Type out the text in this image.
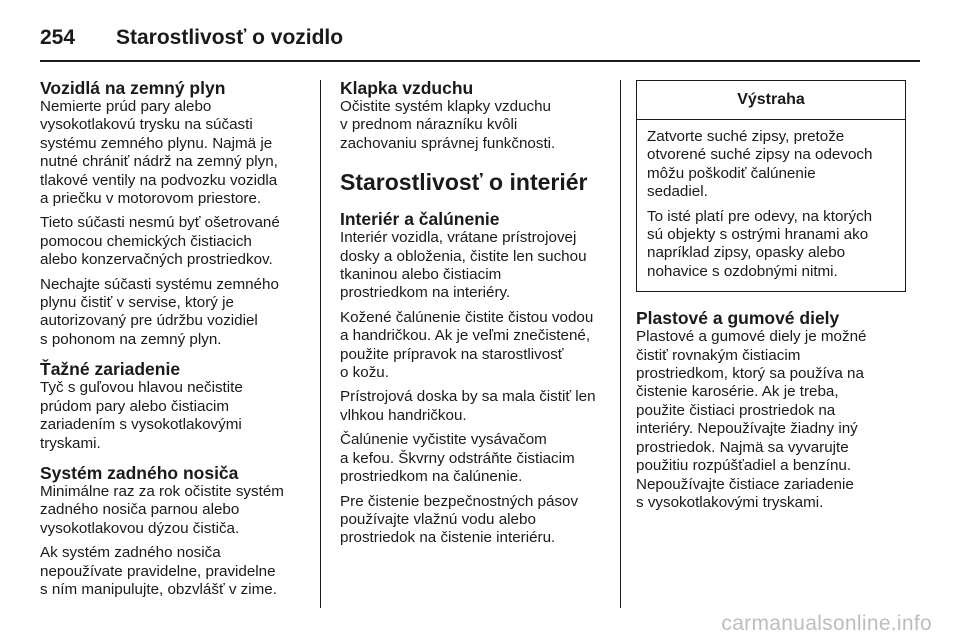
254	Starostlivosť o vozidlo
Vozidlá na zemný plyn

Nemierte prúd pary alebo
vysokotlakovú trysku na súčasti
systému zemného plynu. Najmä je
nutné chrániť nádrž na zemný plyn,
tlakové ventily na podvozku vozidla
a priečku v motorovom priestore.

Tieto súčasti nesmú byť ošetrované
pomocou chemických čistiacich
alebo konzervačných prostriedkov.

Nechajte súčasti systému zemného
plynu čistiť v servise, ktorý je
autorizovaný pre údržbu vozidiel
s pohonom na zemný plyn.

Ťažné zariadenie

Tyč s guľovou hlavou nečistite
prúdom pary alebo čistiacim
zariadením s vysokotlakovými
tryskami.

Systém zadného nosiča

Minimálne raz za rok očistite systém
zadného nosiča parnou alebo
vysokotlakovou dýzou čističa.

Ak systém zadného nosiča
nepoužívate pravidelne, pravidelne
s ním manipulujte, obzvlášť v zime.

Klapka vzduchu

Očistite systém klapky vzduchu
v prednom nárazníku kvôli
zachovaniu správnej funkčnosti.

Starostlivosť o interiér
Interiér a čalúnenie

Interiér vozidla, vrátane prístrojovej
dosky a obloženia, čistite len suchou
tkaninou alebo čistiacim
prostriedkom na interiéry.

Kožené čalúnenie čistite čistou vodou
a handričkou. Ak je veľmi znečistené,
použite prípravok na starostlivosť
o kožu.

Prístrojová doska by sa mala čistiť len
vlhkou handričkou.

Čalúnenie vyčistite vysávačom
a kefou. Škvrny odstráňte čistiacim
prostriedkom na čalúnenie.

Pre čistenie bezpečnostných pásov
používajte vlažnú vodu alebo
prostriedok na čistenie interiéru.

Výstraha

Zatvorte suché zipsy, pretože
otvorené suché zipsy na odevoch
môžu poškodiť čalúnenie
sedadiel.

To isté platí pre odevy, na ktorých
sú objekty s ostrými hranami ako
napríklad zipsy, opasky alebo
nohavice s ozdobnými nitmi.

Plastové a gumové diely

Plastové a gumové diely je možné
čistiť rovnakým čistiacim
prostriedkom, ktorý sa používa na
čistenie karosérie. Ak je treba,
použite čistiaci prostriedok na
interiéry. Nepoužívajte žiadny iný
prostriedok. Najmä sa vyvarujte
použitiu rozpúšťadiel a benzínu.
Nepoužívajte čistiace zariadenie
s vysokotlakovými tryskami.

carmanualsonline.info
